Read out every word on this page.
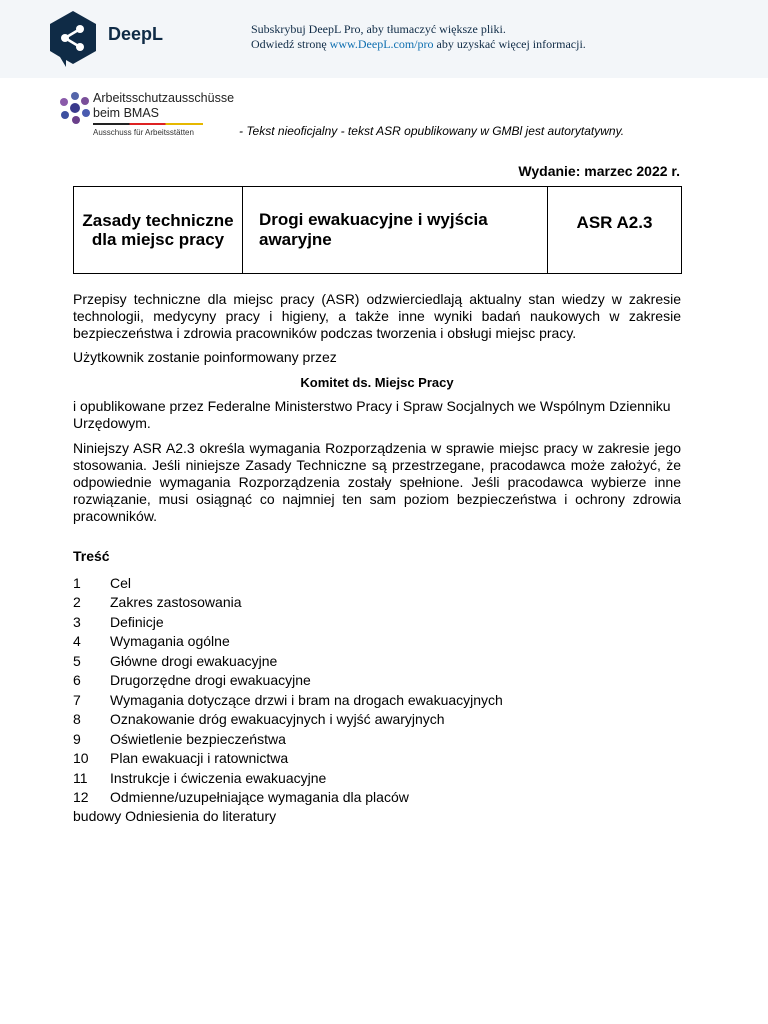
DeepL	Subskrybuj DeepL Pro, aby tłumaczyć większe pliki.
Odwiedź stronę www.DeepL.com/pro aby uzyskać więcej informacji.
Arbeitsschutzausschüsse
beim BMAS
Ausschuss für Arbeitsstätten	- Tekst nieoficjalny - tekst ASR opublikowany w GMBl jest autorytatywny.
Wydanie: marzec 2022 r.
Zasady techniczne dla miejsc pracy	Drogi ewakuacyjne i wyjścia awaryjne	ASR A2.3
Przepisy techniczne dla miejsc pracy (ASR) odzwierciedlają aktualny stan wiedzy w zakresie technologii, medycyny pracy i higieny, a także inne wyniki badań naukowych w zakresie bezpieczeństwa i zdrowia pracowników podczas tworzenia i obsługi miejsc pracy.
Użytkownik zostanie poinformowany przez
Komitet ds. Miejsc Pracy
i opublikowane przez Federalne Ministerstwo Pracy i Spraw Socjalnych we Wspólnym Dzienniku Urzędowym.
Niniejszy ASR A2.3 określa wymagania Rozporządzenia w sprawie miejsc pracy w zakresie jego stosowania. Jeśli niniejsze Zasady Techniczne są przestrzegane, pracodawca może założyć, że odpowiednie wymagania Rozporządzenia zostały spełnione. Jeśli pracodawca wybierze inne rozwiązanie, musi osiągnąć co najmniej ten sam poziom bezpieczeństwa i ochrony zdrowia pracowników.
Treść
1 Cel
2 Zakres zastosowania
3 Definicje
4 Wymagania ogólne
5 Główne drogi ewakuacyjne
6 Drugorzędne drogi ewakuacyjne
7 Wymagania dotyczące drzwi i bram na drogach ewakuacyjnych
8 Oznakowanie dróg ewakuacyjnych i wyjść awaryjnych
9 Oświetlenie bezpieczeństwa
10 Plan ewakuacji i ratownictwa
11 Instrukcje i ćwiczenia ewakuacyjne
12 Odmienne/uzupełniające wymagania dla placów
budowy Odniesienia do literatury
